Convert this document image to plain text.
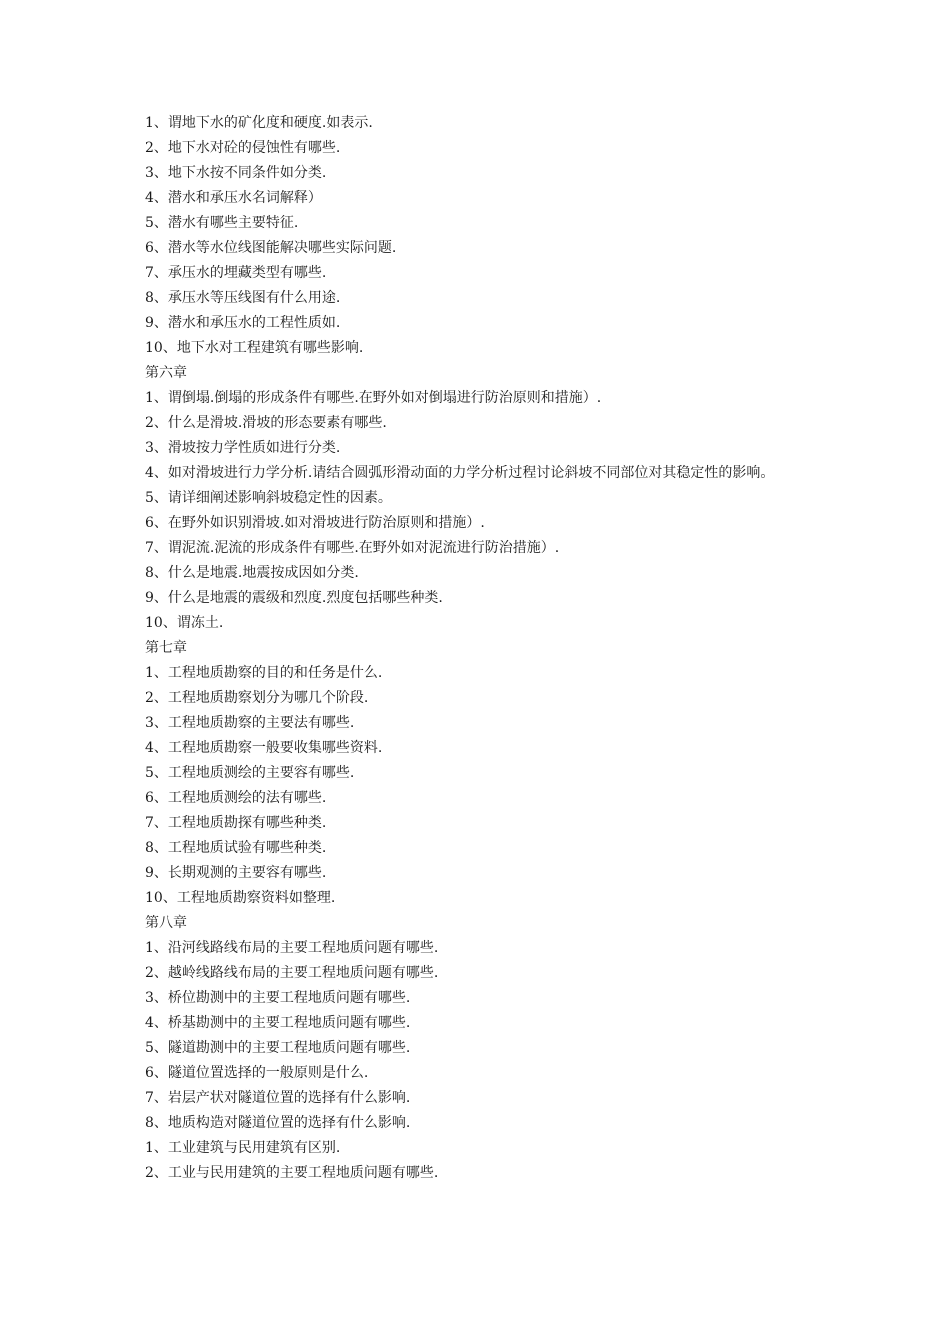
1、谓地下水的矿化度和硬度.如表示.

2、地下水对砼的侵蚀性有哪些.

3、地下水按不同条件如分类.

4、潜水和承压水名词解释）

5、潜水有哪些主要特征.

6、潜水等水位线图能解决哪些实际问题.

7、承压水的埋藏类型有哪些.

8、承压水等压线图有什么用途.

9、潜水和承压水的工程性质如.

10、地下水对工程建筑有哪些影响.

第六章

1、谓倒塌.倒塌的形成条件有哪些.在野外如对倒塌进行防治原则和措施）.

2、什么是滑坡.滑坡的形态要素有哪些.

3、滑坡按力学性质如进行分类.

4、如对滑坡进行力学分析.请结合圆弧形滑动面的力学分析过程讨论斜坡不同部位对其稳定性的影响。

5、请详细阐述影响斜坡稳定性的因素。

6、在野外如识别滑坡.如对滑坡进行防治原则和措施）.

7、谓泥流.泥流的形成条件有哪些.在野外如对泥流进行防治措施）.

8、什么是地震.地震按成因如分类.

9、什么是地震的震级和烈度.烈度包括哪些种类.

10、谓冻土.

第七章

1、工程地质勘察的目的和任务是什么.

2、工程地质勘察划分为哪几个阶段.

3、工程地质勘察的主要法有哪些.

4、工程地质勘察一般要收集哪些资料.

5、工程地质测绘的主要容有哪些.

6、工程地质测绘的法有哪些.

7、工程地质勘探有哪些种类.

8、工程地质试验有哪些种类.

9、长期观测的主要容有哪些.

10、工程地质勘察资料如整理.

第八章

1、沿河线路线布局的主要工程地质问题有哪些.

2、越岭线路线布局的主要工程地质问题有哪些.

3、桥位勘测中的主要工程地质问题有哪些.

4、桥基勘测中的主要工程地质问题有哪些.

5、隧道勘测中的主要工程地质问题有哪些.

6、隧道位置选择的一般原则是什么.

7、岩层产状对隧道位置的选择有什么影响.

8、地质构造对隧道位置的选择有什么影响.

1、工业建筑与民用建筑有区别.

2、工业与民用建筑的主要工程地质问题有哪些.
